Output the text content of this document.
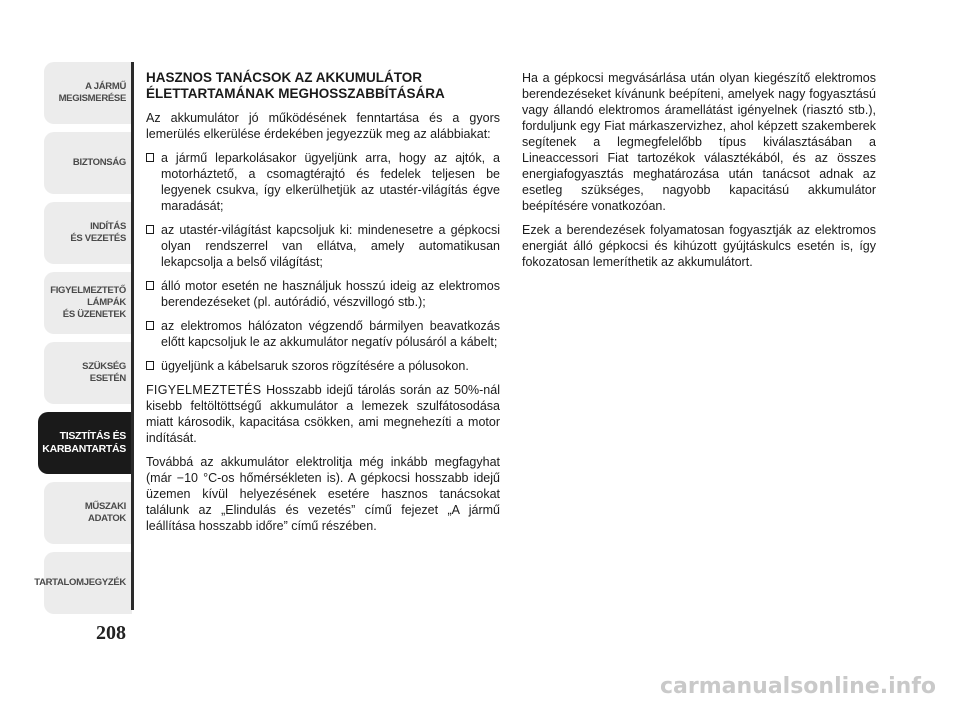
A JÁRMŰ
MEGISMERÉSE
BIZTONSÁG
INDÍTÁS
ÉS VEZETÉS
FIGYELMEZTETŐ
LÁMPÁK
ÉS ÜZENETEK
SZÜKSÉG
ESETÉN
TISZTÍTÁS ÉS
KARBANTARTÁS
MŰSZAKI
ADATOK
TARTALOMJEGYZÉK
208
HASZNOS TANÁCSOK AZ AKKUMULÁTOR ÉLETTARTAMÁNAK MEGHOSSZABBÍTÁSÁRA

Az akkumulátor jó működésének fenntartása és a gyors lemerülés elkerülése érdekében jegyezzük meg az alábbiakat:

a jármű leparkolásakor ügyeljünk arra, hogy az ajtók, a motorháztető, a csomagtérajtó és fedelek teljesen be legyenek csukva, így elkerülhetjük az utastér-világítás égve maradását;
az utastér-világítást kapcsoljuk ki: mindenesetre a gépkocsi olyan rendszerrel van ellátva, amely automatikusan lekapcsolja a belső világítást;
álló motor esetén ne használjuk hosszú ideig az elektromos berendezéseket (pl. autórádió, vészvillogó stb.);
az elektromos hálózaton végzendő bármilyen beavatkozás előtt kapcsoljuk le az akkumulátor negatív pólusáról a kábelt;
ügyeljünk a kábelsaruk szoros rögzítésére a pólusokon.

FIGYELMEZTETÉS Hosszabb idejű tárolás során az 50%-nál kisebb feltöltöttségű akkumulátor a lemezek szulfátosodása miatt károsodik, kapacitása csökken, ami megnehezíti a motor indítását.

Továbbá az akkumulátor elektrolitja még inkább megfagyhat (már −10 °C-os hőmérsékleten is). A gépkocsi hosszabb idejű üzemen kívül helyezésének esetére hasznos tanácsokat találunk az „Elindulás és vezetés” című fejezet „A jármű leállítása hosszabb időre” című részében.

Ha a gépkocsi megvásárlása után olyan kiegészítő elektromos berendezéseket kívánunk beépíteni, amelyek nagy fogyasztású vagy állandó elektromos áramellátást igényelnek (riasztó stb.), forduljunk egy Fiat márkaszervizhez, ahol képzett szakemberek segítenek a legmegfelelőbb típus kiválasztásában a Lineaccessori Fiat tartozékok választékából, és az összes energiafogyasztás meghatározása után tanácsot adnak az esetleg szükséges, nagyobb kapacitású akkumulátor beépítésére vonatkozóan.

Ezek a berendezések folyamatosan fogyasztják az elektromos energiát álló gépkocsi és kihúzott gyújtáskulcs esetén is, így fokozatosan lemeríthetik az akkumulátort.

carmanualsonline.info
